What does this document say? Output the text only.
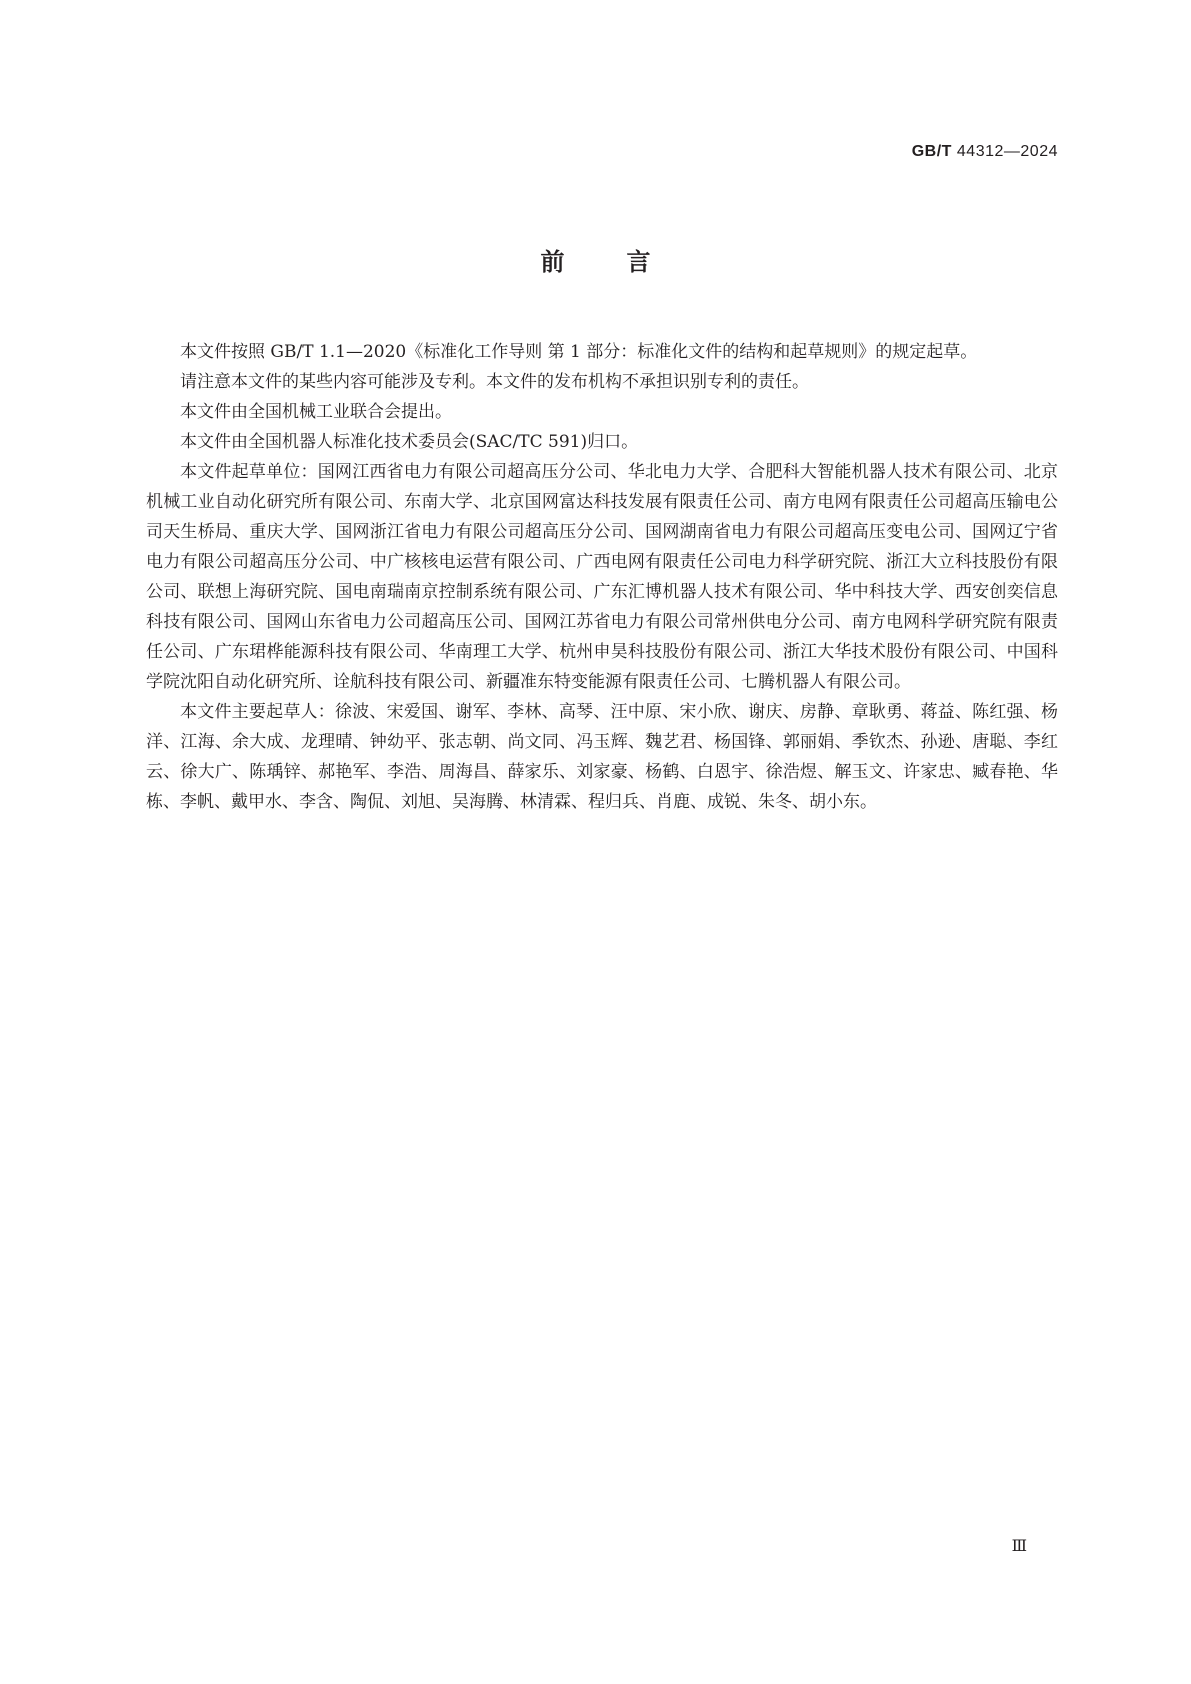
GB/T 44312—2024
前言

本文件按照 GB/T 1.1—2020《标准化工作导则 第 1 部分：标准化文件的结构和起草规则》的规定起草。

请注意本文件的某些内容可能涉及专利。本文件的发布机构不承担识别专利的责任。

本文件由全国机械工业联合会提出。

本文件由全国机器人标准化技术委员会(SAC/TC 591)归口。

本文件起草单位：国网江西省电力有限公司超高压分公司、华北电力大学、合肥科大智能机器人技术有限公司、北京机械工业自动化研究所有限公司、东南大学、北京国网富达科技发展有限责任公司、南方电网有限责任公司超高压输电公司天生桥局、重庆大学、国网浙江省电力有限公司超高压分公司、国网湖南省电力有限公司超高压变电公司、国网辽宁省电力有限公司超高压分公司、中广核核电运营有限公司、广西电网有限责任公司电力科学研究院、浙江大立科技股份有限公司、联想上海研究院、国电南瑞南京控制系统有限公司、广东汇博机器人技术有限公司、华中科技大学、西安创奕信息科技有限公司、国网山东省电力公司超高压公司、国网江苏省电力有限公司常州供电分公司、南方电网科学研究院有限责任公司、广东珺桦能源科技有限公司、华南理工大学、杭州申昊科技股份有限公司、浙江大华技术股份有限公司、中国科学院沈阳自动化研究所、诠航科技有限公司、新疆准东特变能源有限责任公司、七腾机器人有限公司。

本文件主要起草人：徐波、宋爱国、谢军、李林、高琴、汪中原、宋小欣、谢庆、房静、章耿勇、蒋益、陈红强、杨洋、江海、余大成、龙理晴、钟幼平、张志朝、尚文同、冯玉辉、魏艺君、杨国锋、郭丽娟、季钦杰、孙逊、唐聪、李红云、徐大广、陈瑀锌、郝艳军、李浩、周海昌、薛家乐、刘家豪、杨鹤、白恩宇、徐浩煜、解玉文、许家忠、臧春艳、华栋、李帆、戴甲水、李含、陶侃、刘旭、吴海腾、林清霖、程归兵、肖鹿、成锐、朱冬、胡小东。

Ⅲ
